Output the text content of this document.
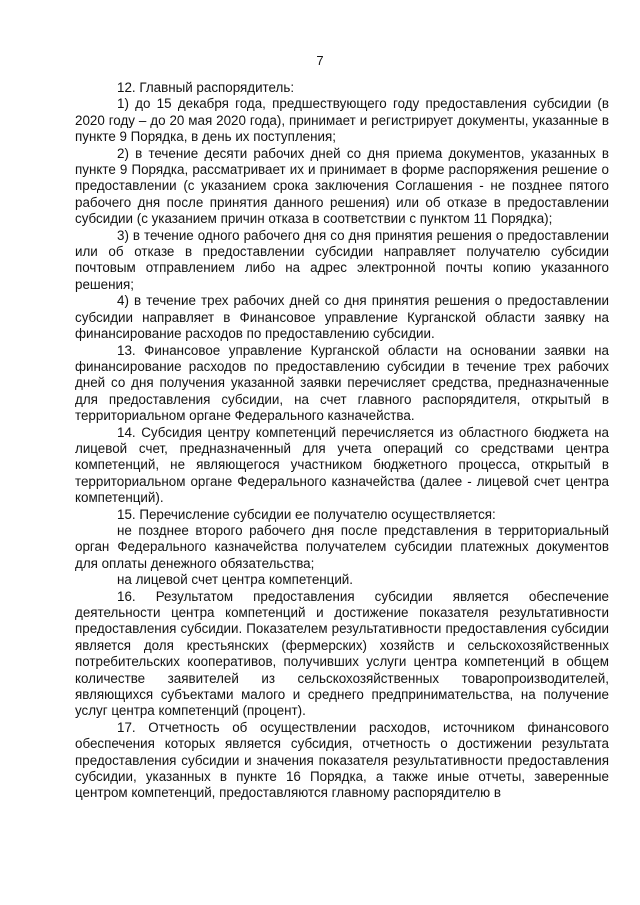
7

12. Главный распорядитель:

1) до 15 декабря года, предшествующего году предоставления субсидии (в 2020 году – до 20 мая 2020 года), принимает и регистрирует документы, указанные в пункте 9 Порядка, в день их поступления;

2) в течение десяти рабочих дней со дня приема документов, указанных в пункте 9 Порядка, рассматривает их и принимает в форме распоряжения решение о предоставлении (с указанием срока заключения Соглашения - не позднее пятого рабочего дня после принятия данного решения) или об отказе в предоставлении субсидии (с указанием причин отказа в соответствии с пунктом 11 Порядка);

3) в течение одного рабочего дня со дня принятия решения о предоставлении или об отказе в предоставлении субсидии направляет получателю субсидии почтовым отправлением либо на адрес электронной почты копию указанного решения;

4) в течение трех рабочих дней со дня принятия решения о предоставлении субсидии направляет в Финансовое управление Курганской области заявку на финансирование расходов по предоставлению субсидии.

13. Финансовое управление Курганской области на основании заявки на финансирование расходов по предоставлению субсидии в течение трех рабочих дней со дня получения указанной заявки перечисляет средства, предназначенные для предоставления субсидии, на счет главного распорядителя, открытый в территориальном органе Федерального казначейства.

14. Субсидия центру компетенций перечисляется из областного бюджета на лицевой счет, предназначенный для учета операций со средствами центра компетенций, не являющегося участником бюджетного процесса, открытый в территориальном органе Федерального казначейства (далее - лицевой счет центра компетенций).

15. Перечисление субсидии ее получателю осуществляется:

не позднее второго рабочего дня после представления в территориальный орган Федерального казначейства получателем субсидии платежных документов для оплаты денежного обязательства;

на лицевой счет центра компетенций.

16. Результатом предоставления субсидии является обеспечение деятельности центра компетенций и достижение показателя результативности предоставления субсидии. Показателем результативности предоставления субсидии является доля крестьянских (фермерских) хозяйств и сельскохозяйственных потребительских кооперативов, получивших услуги центра компетенций в общем количестве заявителей из сельскохозяйственных товаропроизводителей, являющихся субъектами малого и среднего предпринимательства, на получение услуг центра компетенций (процент).

17. Отчетность об осуществлении расходов, источником финансового обеспечения которых является субсидия, отчетность о достижении результата предоставления субсидии и значения показателя результативности предоставления субсидии, указанных в пункте 16 Порядка, а также иные отчеты, заверенные центром компетенций, предоставляются главному распорядителю в
